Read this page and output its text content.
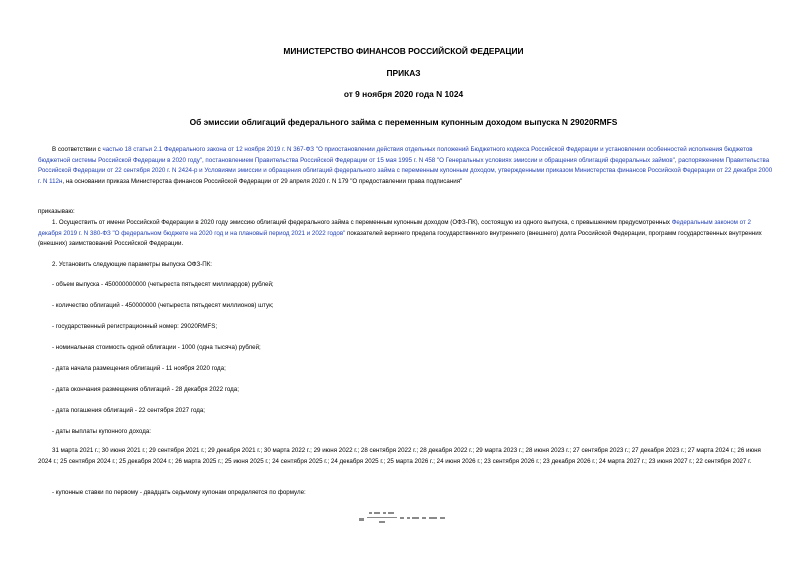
МИНИСТЕРСТВО ФИНАНСОВ РОССИЙСКОЙ ФЕДЕРАЦИИ

ПРИКАЗ

от 9 ноября 2020 года N 1024

Об эмиссии облигаций федерального займа с переменным купонным доходом выпуска N 29020RMFS

В соответствии с частью 18 статьи 2.1 Федерального закона от 12 ноября 2019 г. N 367-ФЗ "О приостановлении действия отдельных положений Бюджетного кодекса Российской Федерации и установлении особенностей исполнения бюджетов бюджетной системы Российской Федерации в 2020 году", постановлением Правительства Российской Федерации от 15 мая 1995 г. N 458 "О Генеральных условиях эмиссии и обращения облигаций федеральных займов", распоряжением Правительства Российской Федерации от 22 сентября 2020 г. N 2424-р и Условиями эмиссии и обращения облигаций федерального займа с переменным купонным доходом, утвержденными приказом Министерства финансов Российской Федерации от 22 декабря 2000 г. N 112н, на основании приказа Министерства финансов Российской Федерации от 29 апреля 2020 г. N 179 "О предоставлении права подписания"

приказываю:

1. Осуществить от имени Российской Федерации в 2020 году эмиссию облигаций федерального займа с переменным купонным доходом (ОФЗ-ПК), состоящую из одного выпуска, с превышением предусмотренных Федеральным законом от 2 декабря 2019 г. N 380-ФЗ "О федеральном бюджете на 2020 год и на плановый период 2021 и 2022 годов" показателей верхнего предела государственного внутреннего (внешнего) долга Российской Федерации, программ государственных внутренних (внешних) заимствований Российской Федерации.

2. Установить следующие параметры выпуска ОФЗ-ПК:

- объем выпуска - 450000000000 (четыреста пятьдесят миллиардов) рублей;

- количество облигаций - 450000000 (четыреста пятьдесят миллионов) штук;

- государственный регистрационный номер: 29020RMFS;

- номинальная стоимость одной облигации - 1000 (одна тысяча) рублей;

- дата начала размещения облигаций - 11 ноября 2020 года;

- дата окончания размещения облигаций - 28 декабря 2022 года;

- дата погашения облигаций - 22 сентября 2027 года;

- даты выплаты купонного дохода:

31 марта 2021 г.; 30 июня 2021 г.; 29 сентября 2021 г.; 29 декабря 2021 г.; 30 марта 2022 г.; 29 июня 2022 г.; 28 сентября 2022 г.; 28 декабря 2022 г.; 29 марта 2023 г.; 28 июня 2023 г.; 27 сентября 2023 г.; 27 декабря 2023 г.; 27 марта 2024 г.; 26 июня 2024 г.; 25 сентября 2024 г.; 25 декабря 2024 г.; 26 марта 2025 г.; 25 июня 2025 г.; 24 сентября 2025 г.; 24 декабря 2025 г.; 25 марта 2026 г.; 24 июня 2026 г.; 23 сентября 2026 г.; 23 декабря 2026 г.; 24 марта 2027 г.; 23 июня 2027 г.; 22 сентября 2027 г.

- купонные ставки по первому - двадцать седьмому купонам определяется по формуле:
